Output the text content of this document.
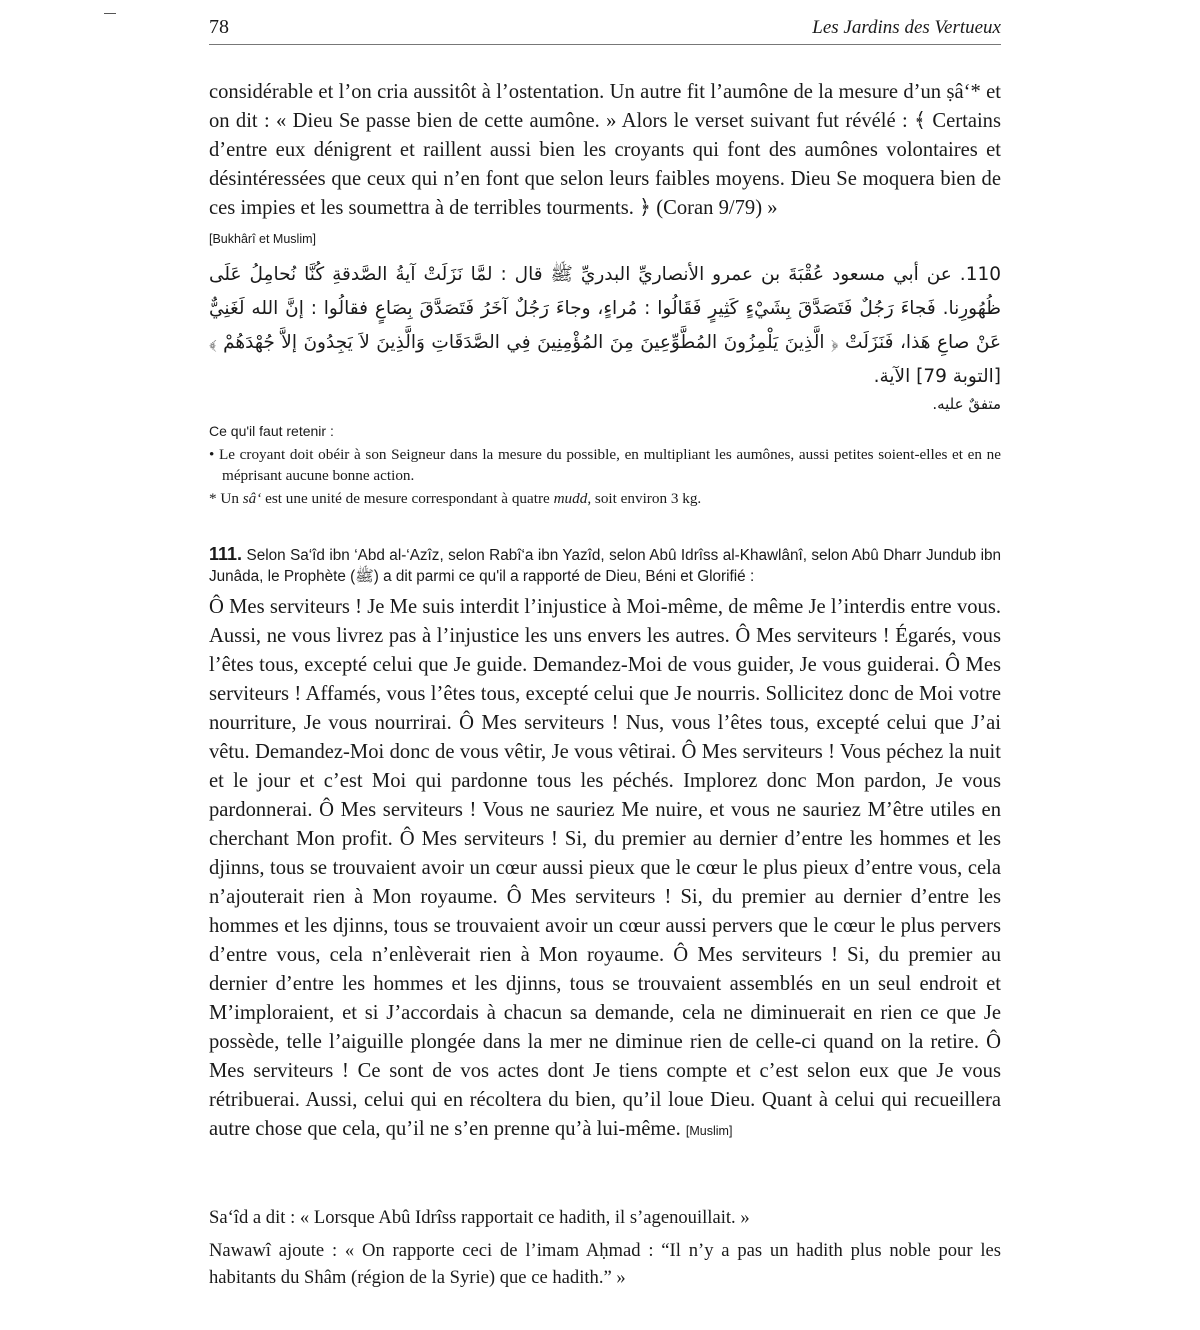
78	Les Jardins des Vertueux
considérable et l’on cria aussitôt à l’ostentation. Un autre fit l’aumône de la mesure d’un ṣâ‘* et on dit : « Dieu Se passe bien de cette aumône. » Alors le verset suivant fut révélé : ﴾ Certains d’entre eux dénigrent et raillent aussi bien les croyants qui font des aumônes volontaires et désintéressées que ceux qui n’en font que selon leurs faibles moyens. Dieu Se moquera bien de ces impies et les soumettra à de terribles tourments. ﴿ (Coran 9/79) »
[Bukhârî et Muslim]
110. عن أبي مسعود عُقْبَةَ بن عمرو الأنصاريِّ البدريِّ ﷺ قال : لمَّا نَزَلَتْ آيةُ الصَّدقةِ كُنَّا نُحامِلُ عَلَى ظُهُورِنا. فَجاءَ رَجُلٌ فَتَصَدَّقَ بِشَيْءٍ كَثِيرٍ فَقَالُوا : مُراءٍ، وجاءَ رَجُلٌ آخَرُ فَتَصَدَّقَ بِصَاعٍ فقالُوا : إنَّ الله لَغَنِيٌّ عَنْ صاعِ هَذا، فَنَزَلَتْ ﴿ الَّذِينَ يَلْمِزُونَ المُطَّوِّعِينَ مِنَ المُؤْمِنِينَ فِي الصَّدَقَاتِ وَالَّذِينَ لاَ يَجِدُونَ إلاَّ جُهْدَهُمْ ﴾ [التوبة 79] الآية.
متفقٌ عليه.
Ce qu'il faut retenir :
• Le croyant doit obéir à son Seigneur dans la mesure du possible, en multipliant les aumônes, aussi petites soient-elles et en ne méprisant aucune bonne action.
* Un sâ‘ est une unité de mesure correspondant à quatre mudd, soit environ 3 kg.
111. Selon Sa‘îd ibn ‘Abd al-‘Azîz, selon Rabî‘a ibn Yazîd, selon Abû Idrîss al-Khawlânî, selon Abû Dharr Jundub ibn Junâda, le Prophète (ﷺ) a dit parmi ce qu'il a rapporté de Dieu, Béni et Glorifié :
Ô Mes serviteurs ! Je Me suis interdit l’injustice à Moi-même, de même Je l’interdis entre vous. Aussi, ne vous livrez pas à l’injustice les uns envers les autres. Ô Mes serviteurs ! Égarés, vous l’êtes tous, excepté celui que Je guide. Demandez-Moi de vous guider, Je vous guiderai. Ô Mes serviteurs ! Affamés, vous l’êtes tous, excepté celui que Je nourris. Sollicitez donc de Moi votre nourriture, Je vous nourrirai. Ô Mes serviteurs ! Nus, vous l’êtes tous, excepté celui que J’ai vêtu. Demandez-Moi donc de vous vêtir, Je vous vêtirai. Ô Mes serviteurs ! Vous péchez la nuit et le jour et c’est Moi qui pardonne tous les péchés. Implorez donc Mon pardon, Je vous pardonnerai. Ô Mes serviteurs ! Vous ne sauriez Me nuire, et vous ne sauriez M’être utiles en cherchant Mon profit. Ô Mes serviteurs ! Si, du premier au dernier d’entre les hommes et les djinns, tous se trouvaient avoir un cœur aussi pieux que le cœur le plus pieux d’entre vous, cela n’ajouterait rien à Mon royaume. Ô Mes serviteurs ! Si, du premier au dernier d’entre les hommes et les djinns, tous se trouvaient avoir un cœur aussi pervers que le cœur le plus pervers d’entre vous, cela n’enlèverait rien à Mon royaume. Ô Mes serviteurs ! Si, du premier au dernier d’entre les hommes et les djinns, tous se trouvaient assemblés en un seul endroit et M’imploraient, et si J’accordais à chacun sa demande, cela ne diminuerait en rien ce que Je possède, telle l’aiguille plongée dans la mer ne diminue rien de celle-ci quand on la retire. Ô Mes serviteurs ! Ce sont de vos actes dont Je tiens compte et c’est selon eux que Je vous rétribuerai. Aussi, celui qui en récoltera du bien, qu’il loue Dieu. Quant à celui qui recueillera autre chose que cela, qu’il ne s’en prenne qu’à lui-même. [Muslim]
Sa‘îd a dit : « Lorsque Abû Idrîss rapportait ce hadith, il s’agenouillait. »
Nawawî ajoute : « On rapporte ceci de l’imam Aḥmad : “Il n’y a pas un hadith plus noble pour les habitants du Shâm (région de la Syrie) que ce hadith.” »
